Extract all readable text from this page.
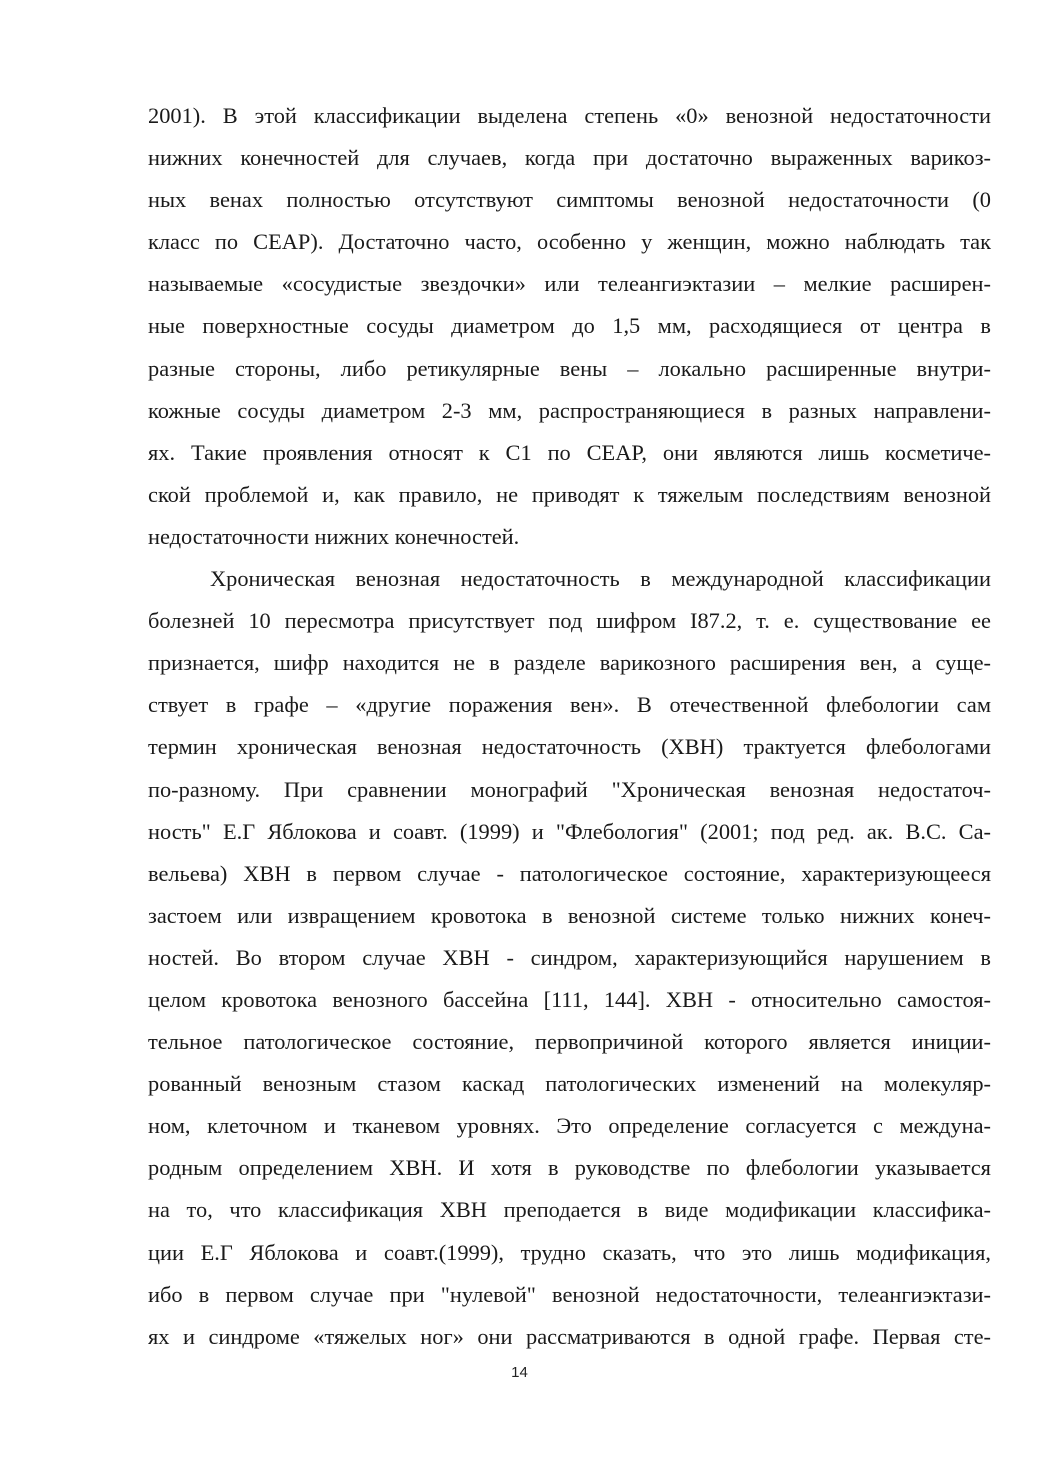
2001). В этой классификации выделена степень «0» венозной недостаточности

нижних конечностей для случаев, когда при достаточно выраженных варикоз-

ных венах полностью отсутствуют симптомы венозной недостаточности (0

класс по CEAP). Достаточно часто, особенно у женщин, можно наблюдать так

называемые «сосудистые звездочки» или телеангиэктазии – мелкие расширен-

ные поверхностные сосуды диаметром до 1,5 мм, расходящиеся от центра в

разные стороны, либо ретикулярные вены – локально расширенные внутри-

кожные сосуды диаметром 2-3 мм, распространяющиеся в разных направлени-

ях. Такие проявления относят к С1 по CEAP, они являются лишь косметиче-

ской проблемой и, как правило, не приводят к тяжелым последствиям венозной

недостаточности нижних конечностей.

Хроническая венозная недостаточность в международной классификации

болезней 10 пересмотра присутствует под шифром I87.2, т. е. существование ее

признается, шифр находится не в разделе варикозного расширения вен, а суще-

ствует в графе – «другие поражения вен». В отечественной флебологии сам

термин хроническая венозная недостаточность (ХВН) трактуется флебологами

по-разному. При сравнении монографий "Хроническая венозная недостаточ-

ность" Е.Г Яблокова и соавт. (1999) и "Флебология" (2001; под ред. ак. В.С. Са-

вельева) ХВН в первом случае - патологическое состояние, характеризующееся

застоем или извращением кровотока в венозной системе только нижних конеч-

ностей. Во втором случае ХВН - синдром, характеризующийся нарушением в

целом кровотока венозного бассейна [111, 144]. ХВН - относительно самостоя-

тельное патологическое состояние, первопричиной которого является иниции-

рованный венозным стазом каскад патологических изменений на молекуляр-

ном, клеточном и тканевом уровнях. Это определение согласуется с междуна-

родным определением ХВН. И хотя в руководстве по флебологии указывается

на то, что классификация ХВН преподается в виде модификации классифика-

ции Е.Г Яблокова и соавт.(1999), трудно сказать, что это лишь модификация,

ибо в первом случае при "нулевой" венозной недостаточности, телеангиэктази-

ях и синдроме «тяжелых ног» они рассматриваются в одной графе. Первая сте-

14
